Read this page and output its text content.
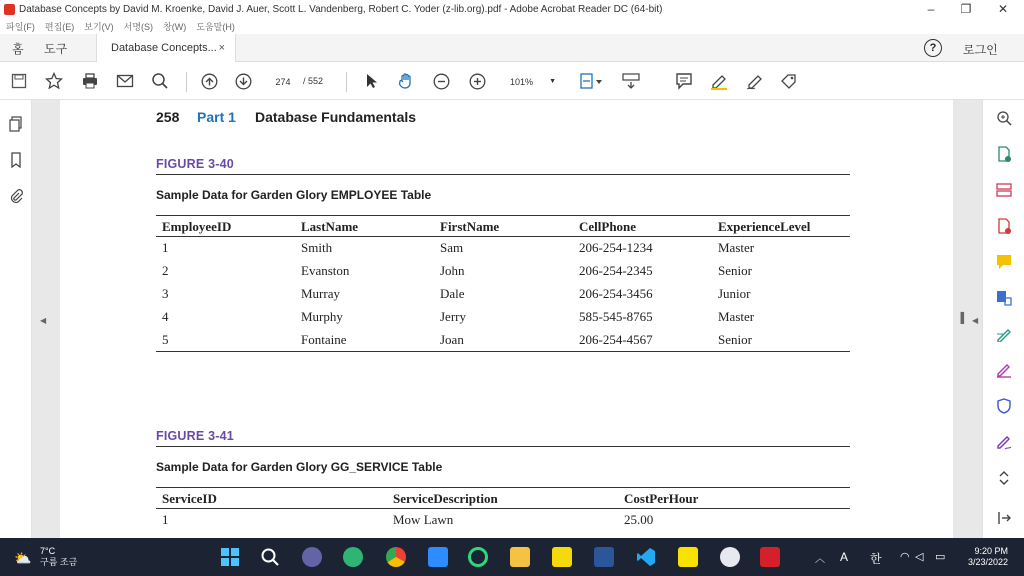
Database Concepts by David M. Kroenke, David J. Auer, Scott L. Vandenberg, Robert C. Yoder (z-lib.org).pdf - Adobe Acrobat Reader DC (64-bit)	–	❐	✕
파일(F) 편집(E) 보기(V) 서명(S) 창(W) 도움말(H)
홈 도구	Database Concepts... ×	?	로그인
274	/ 552	101% ▼
◀	▐ ◀
258 Part 1 Database Fundamentals
FIGURE 3-40
Sample Data for Garden Glory EMPLOYEE Table
EmployeeID	LastName	FirstName	CellPhone	ExperienceLevel
1	Smith	Sam	206-254-1234	Master
2	Evanston	John	206-254-2345	Senior
3	Murray	Dale	206-254-3456	Junior
4	Murphy	Jerry	585-545-8765	Master
5	Fontaine	Joan	206-254-4567	Senior
FIGURE 3-41
Sample Data for Garden Glory GG_SERVICE Table
ServiceID	ServiceDescription	CostPerHour
1	Mow Lawn	25.00
⛅ 7°C
구름 조금	︿ A 한 ◠ ◁ ▭	9:20 PM
3/23/2022
